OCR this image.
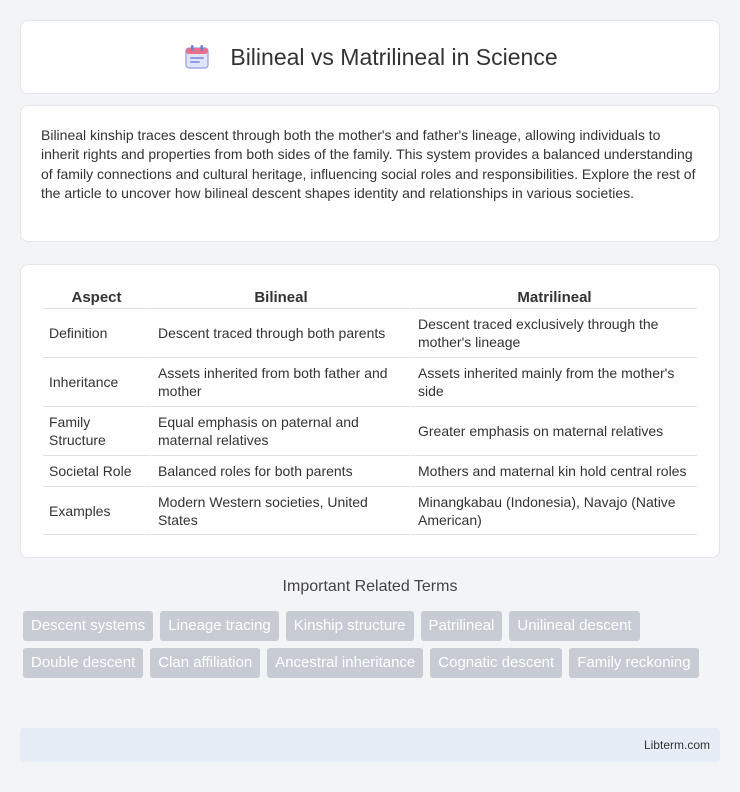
Bilineal vs Matrilineal in Science

Bilineal kinship traces descent through both the mother's and father's lineage, allowing individuals to inherit rights and properties from both sides of the family. This system provides a balanced understanding of family connections and cultural heritage, influencing social roles and responsibilities. Explore the rest of the article to uncover how bilineal descent shapes identity and relationships in various societies.

Aspect	Bilineal	Matrilineal
Definition	Descent traced through both parents	Descent traced exclusively through the mother's lineage
Inheritance	Assets inherited from both father and mother	Assets inherited mainly from the mother's side
Family Structure	Equal emphasis on paternal and maternal relatives	Greater emphasis on maternal relatives
Societal Role	Balanced roles for both parents	Mothers and maternal kin hold central roles
Examples	Modern Western societies, United States	Minangkabau (Indonesia), Navajo (Native American)
Important Related Terms
Descent systems	Lineage tracing	Kinship structure	Patrilineal	Unilineal descent
Double descent	Clan affiliation	Ancestral inheritance	Cognatic descent	Family reckoning
Libterm.com
